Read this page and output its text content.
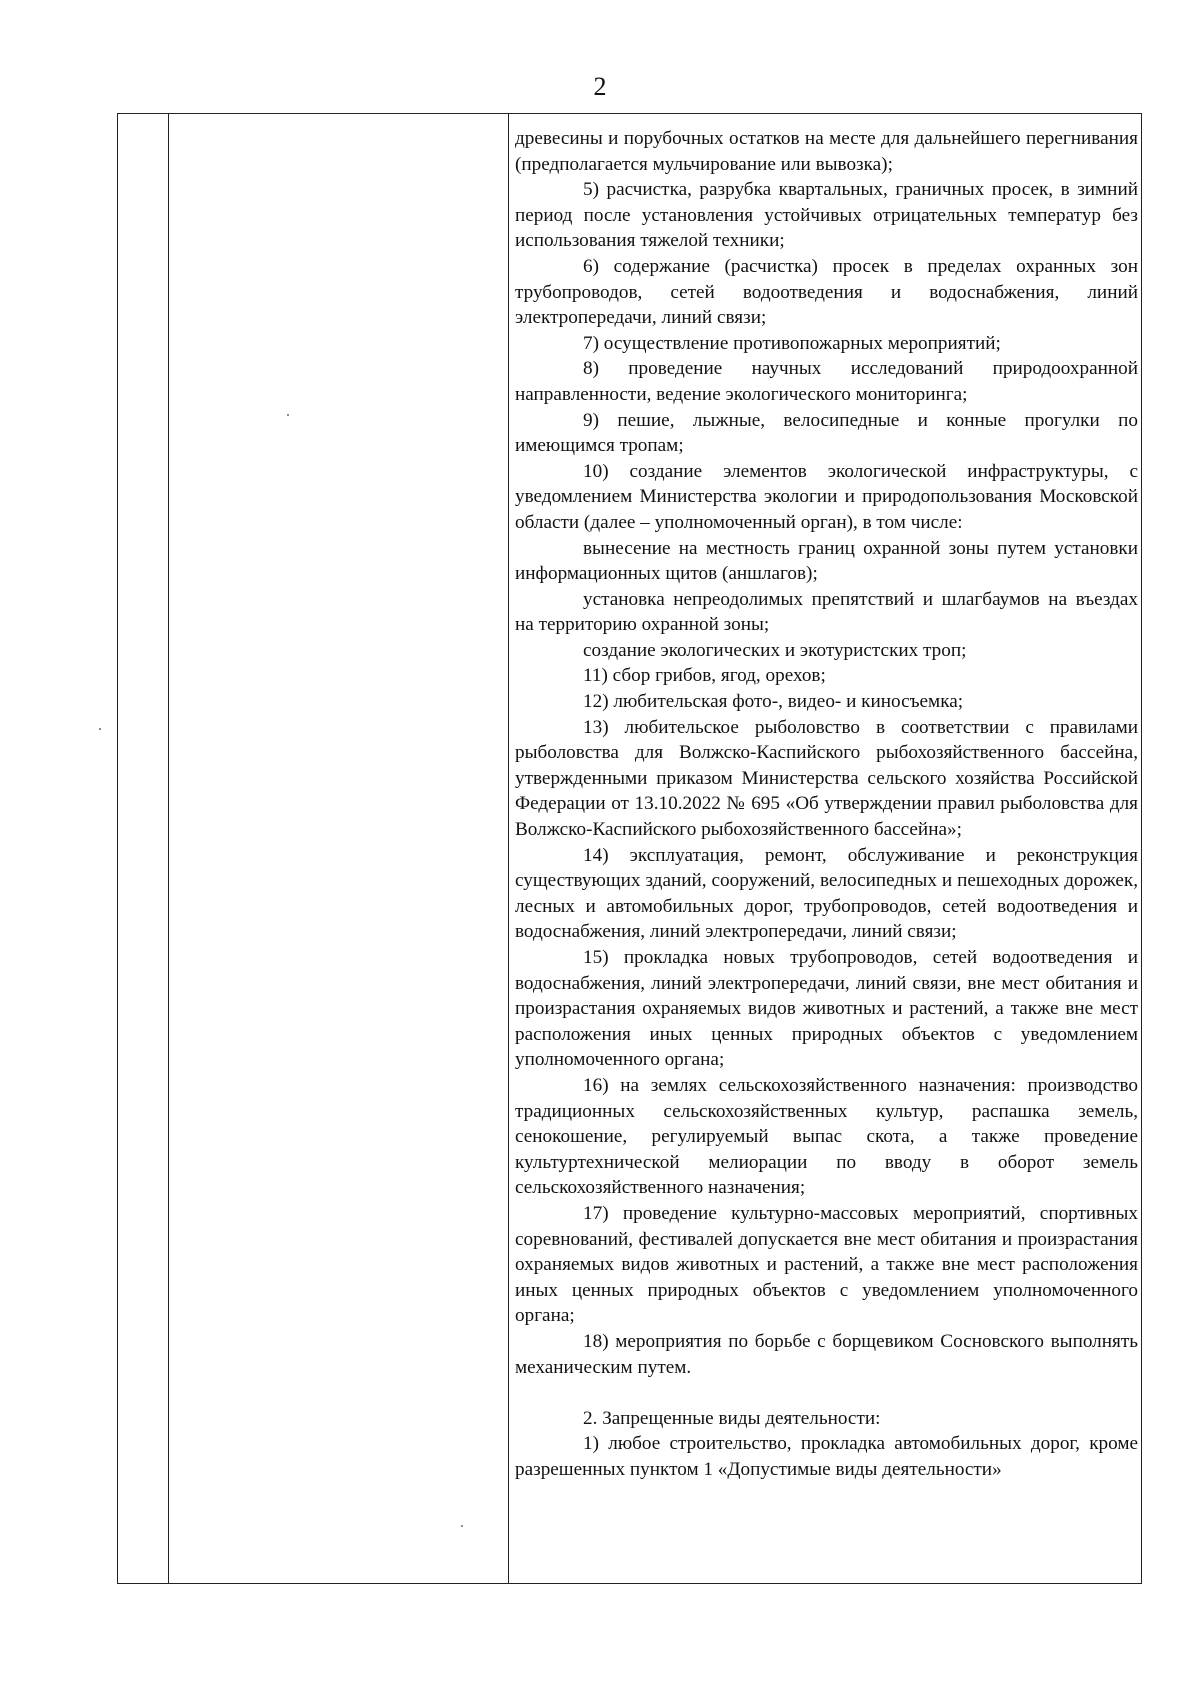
2

древесины и порубочных остатков на месте для дальнейшего перегнивания (предполагается мульчирование или вывозка);

5) расчистка, разрубка квартальных, граничных просек, в зимний период после установления устойчивых отрицательных температур без использования тяжелой техники;

6) содержание (расчистка) просек в пределах охранных зон трубопроводов, сетей водоотведения и водоснабжения, линий электропередачи, линий связи;

7) осуществление противопожарных мероприятий;

8) проведение научных исследований природоохранной направленности, ведение экологического мониторинга;

9) пешие, лыжные, велосипедные и конные прогулки по имеющимся тропам;

10) создание элементов экологической инфраструктуры, с уведомлением Министерства экологии и природопользования Московской области (далее – уполномоченный орган), в том числе:

вынесение на местность границ охранной зоны путем установки информационных щитов (аншлагов);

установка непреодолимых препятствий и шлагбаумов на въездах на территорию охранной зоны;

создание экологических и экотуристских троп;

11) сбор грибов, ягод, орехов;

12) любительская фото-, видео- и киносъемка;

13) любительское рыболовство в соответствии с правилами рыболовства для Волжско-Каспийского рыбохозяйственного бассейна, утвержденными приказом Министерства сельского хозяйства Российской Федерации от 13.10.2022 № 695 «Об утверждении правил рыболовства для Волжско-Каспийского рыбохозяйственного бассейна»;

14) эксплуатация, ремонт, обслуживание и реконструкция существующих зданий, сооружений, велосипедных и пешеходных дорожек, лесных и автомобильных дорог, трубопроводов, сетей водоотведения и водоснабжения, линий электропередачи, линий связи;

15) прокладка новых трубопроводов, сетей водоотведения и водоснабжения, линий электропередачи, линий связи, вне мест обитания и произрастания охраняемых видов животных и растений, а также вне мест расположения иных ценных природных объектов с уведомлением уполномоченного органа;

16) на землях сельскохозяйственного назначения: производство традиционных сельскохозяйственных культур, распашка земель, сенокошение, регулируемый выпас скота, а также проведение культуртехнической мелиорации по вводу в оборот земель сельскохозяйственного назначения;

17) проведение культурно-массовых мероприятий, спортивных соревнований, фестивалей допускается вне мест обитания и произрастания охраняемых видов животных и растений, а также вне мест расположения иных ценных природных объектов с уведомлением уполномоченного органа;

18) мероприятия по борьбе с борщевиком Сосновского выполнять механическим путем.

2. Запрещенные виды деятельности:

1) любое строительство, прокладка автомобильных дорог, кроме разрешенных пунктом 1 «Допустимые виды деятельности»
